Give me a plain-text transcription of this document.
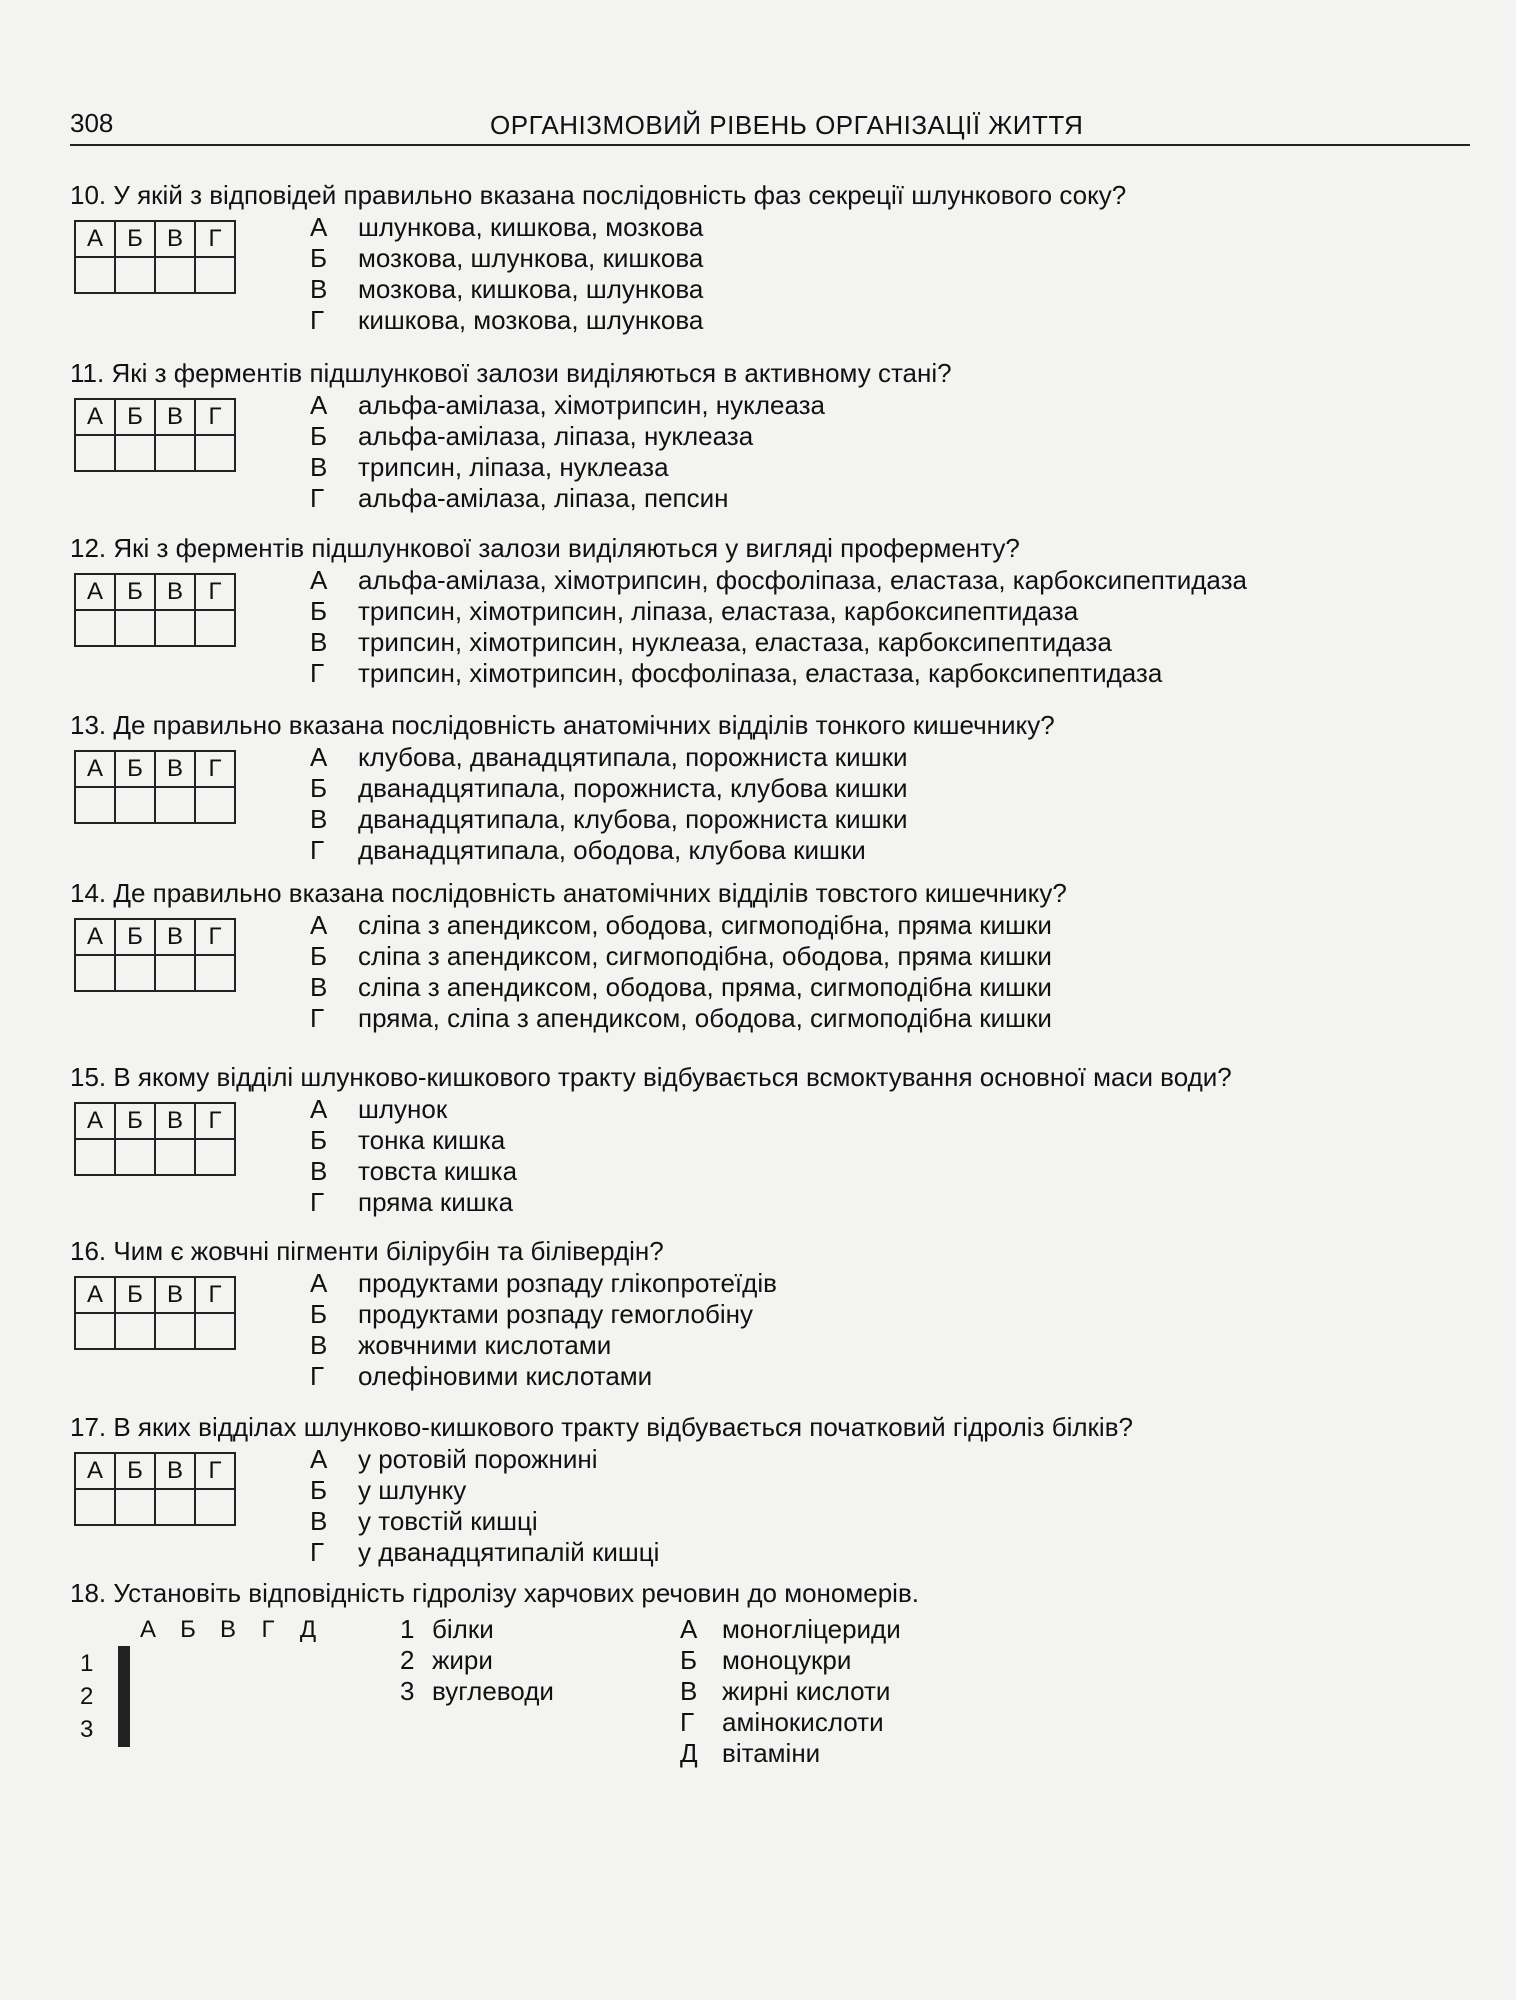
308	ОРГАНІЗМОВИЙ РІВЕНЬ ОРГАНІЗАЦІЇ ЖИТТЯ
10. У якій з відповідей правильно вказана послідовність фаз секреції шлункового соку?
А	Б	В	Г
				А шлункова, кишкова, мозкова
Б мозкова, шлункова, кишкова
В мозкова, кишкова, шлункова
Г кишкова, мозкова, шлункова
11. Які з ферментів підшлункової залози виділяються в активному стані?
А	Б	В	Г
				А альфа-амілаза, хімотрипсин, нуклеаза
Б альфа-амілаза, ліпаза, нуклеаза
В трипсин, ліпаза, нуклеаза
Г альфа-амілаза, ліпаза, пепсин
12. Які з ферментів підшлункової залози виділяються у вигляді проферменту?
А	Б	В	Г
				А альфа-амілаза, хімотрипсин, фосфоліпаза, еластаза, карбоксипептидаза
Б трипсин, хімотрипсин, ліпаза, еластаза, карбоксипептидаза
В трипсин, хімотрипсин, нуклеаза, еластаза, карбоксипептидаза
Г трипсин, хімотрипсин, фосфоліпаза, еластаза, карбоксипептидаза
13. Де правильно вказана послідовність анатомічних відділів тонкого кишечнику?
А	Б	В	Г
				А клубова, дванадцятипала, порожниста кишки
Б дванадцятипала, порожниста, клубова кишки
В дванадцятипала, клубова, порожниста кишки
Г дванадцятипала, ободова, клубова кишки
14. Де правильно вказана послідовність анатомічних відділів товстого кишечнику?
А	Б	В	Г
				А сліпа з апендиксом, ободова, сигмоподібна, пряма кишки
Б сліпа з апендиксом, сигмоподібна, ободова, пряма кишки
В сліпа з апендиксом, ободова, пряма, сигмоподібна кишки
Г пряма, сліпа з апендиксом, ободова, сигмоподібна кишки
15. В якому відділі шлунково-кишкового тракту відбувається всмоктування основної маси води?
А	Б	В	Г
				А шлунок
Б тонка кишка
В товста кишка
Г пряма кишка
16. Чим є жовчні пігменти білірубін та білівердін?
А	Б	В	Г
				А продуктами розпаду глікопротеїдів
Б продуктами розпаду гемоглобіну
В жовчними кислотами
Г олефіновими кислотами
17. В яких відділах шлунково-кишкового тракту відбувається початковий гідроліз білків?
А	Б	В	Г
				А у ротовій порожнині
Б у шлунку
В у товстій кишці
Г у дванадцятипалій кишці
18. Установіть відповідність гідролізу харчових речовин до мономерів.
А Б В Г Д
1
2
3

1 білки
2 жири
3 вуглеводи
А моногліцериди
Б моноцукри
В жирні кислоти
Г амінокислоти
Д вітаміни
